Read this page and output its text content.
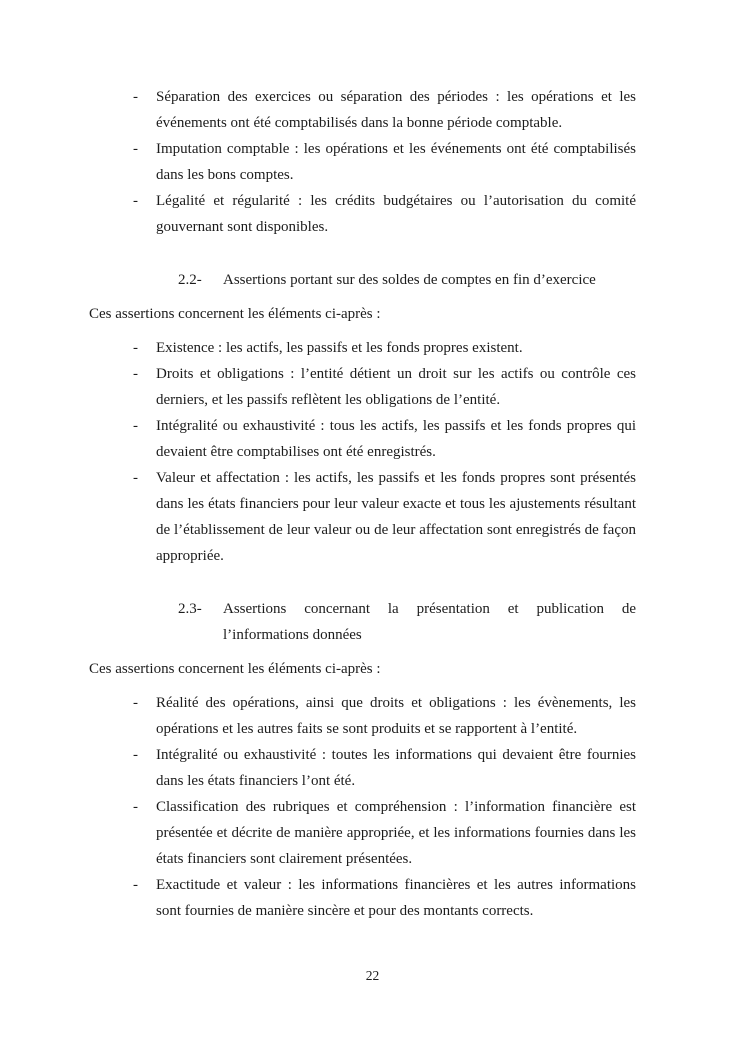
- Séparation des exercices ou séparation des périodes : les opérations et les événements ont été comptabilisés dans la bonne période comptable.
- Imputation comptable : les opérations et les événements ont été comptabilisés dans les bons comptes.
- Légalité et régularité : les crédits budgétaires ou l’autorisation du comité gouvernant sont disponibles.
2.2- Assertions portant sur des soldes de comptes en fin d’exercice

Ces assertions concernent les éléments ci-après :

- Existence : les actifs, les passifs et les fonds propres existent.
- Droits et obligations : l’entité détient un droit sur les actifs ou contrôle ces derniers, et les passifs reflètent les obligations de l’entité.
- Intégralité ou exhaustivité : tous les actifs, les passifs et les fonds propres qui devaient être comptabilises ont été enregistrés.
- Valeur et affectation : les actifs, les passifs et les fonds propres sont présentés dans les états financiers pour leur valeur exacte et tous les ajustements résultant de l’établissement de leur valeur ou de leur affectation sont enregistrés de façon appropriée.
2.3- Assertions concernant la présentation et publication de l’informations données

Ces assertions concernent les éléments ci-après :

- Réalité des opérations, ainsi que droits et obligations : les évènements, les opérations et les autres faits se sont produits et se rapportent à l’entité.
- Intégralité ou exhaustivité : toutes les informations qui devaient être fournies dans les états financiers l’ont été.
- Classification des rubriques et compréhension : l’information financière est présentée et décrite de manière appropriée, et les informations fournies dans les états financiers sont clairement présentées.
- Exactitude et valeur : les informations financières et les autres informations sont fournies de manière sincère et pour des montants corrects.
22
